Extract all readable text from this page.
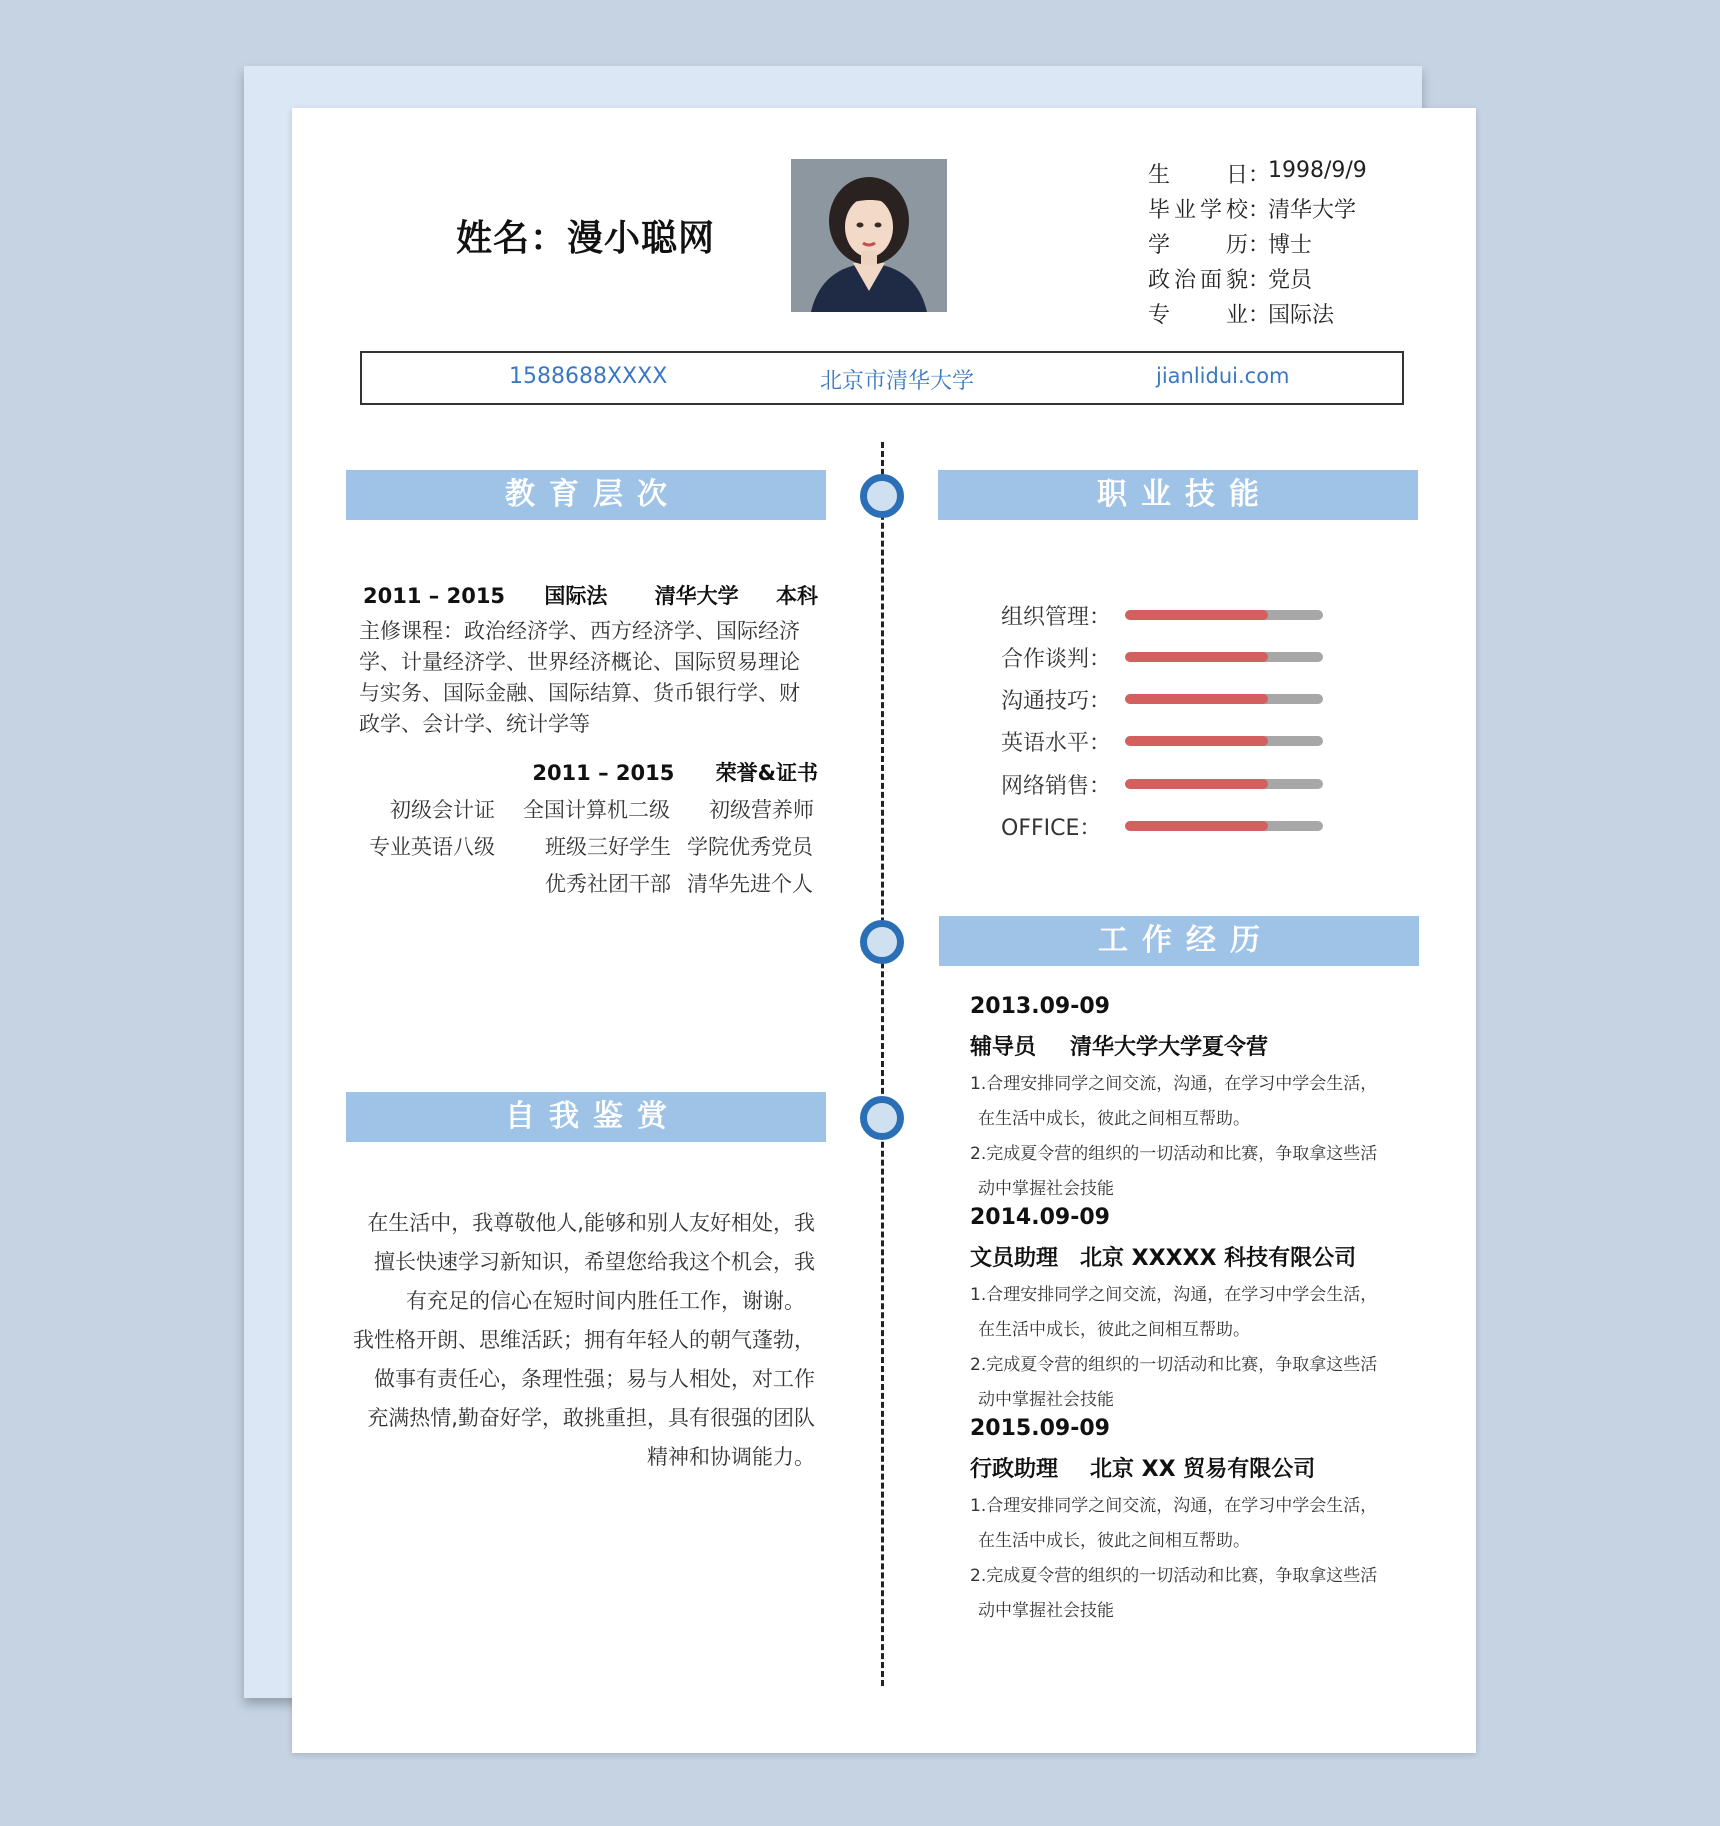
姓名：漫小聪网
生日 ：
1998/9/9
毕业学校 ：
清华大学
学历 ：
博士
政治面貌 ：
党员
专业 ：
国际法
1588688XXXX	北京市清华大学	jianlidui.com
教育层次	职业技能
工作经历
自我鉴赏
2011 – 2015 国际法 清华大学 本科
主修课程：政治经济学、西方经济学、国际经济
学、计量经济学、世界经济概论、国际贸易理论
与实务、国际金融、国际结算、货币银行学、财
政学、会计学、统计学等
2011 – 2015 荣誉&证书
初级会计证 全国计算机二级 初级营养师
专业英语八级 班级三好学生 学院优秀党员
优秀社团干部 清华先进个人
组织管理：
合作谈判：
沟通技巧：
英语水平：
网络销售：
OFFICE：
2013.09-09
辅导员 清华大学大学夏令营
1.合理安排同学之间交流，沟通，在学习中学会生活，
在生活中成长，彼此之间相互帮助。
2.完成夏令营的组织的一切活动和比赛，争取拿这些活
动中掌握社会技能
2014.09-09
文员助理 北京 XXXXX 科技有限公司
1.合理安排同学之间交流，沟通，在学习中学会生活，
在生活中成长，彼此之间相互帮助。
2.完成夏令营的组织的一切活动和比赛，争取拿这些活
动中掌握社会技能
2015.09-09
行政助理 北京 XX 贸易有限公司
1.合理安排同学之间交流，沟通，在学习中学会生活，
在生活中成长，彼此之间相互帮助。
2.完成夏令营的组织的一切活动和比赛，争取拿这些活
动中掌握社会技能
在生活中，我尊敬他人,能够和别人友好相处，我
擅长快速学习新知识，希望您给我这个机会，我
有充足的信心在短时间内胜任工作，谢谢。
我性格开朗、思维活跃；拥有年轻人的朝气蓬勃，
做事有责任心，条理性强；易与人相处，对工作
充满热情,勤奋好学，敢挑重担，具有很强的团队
精神和协调能力。
